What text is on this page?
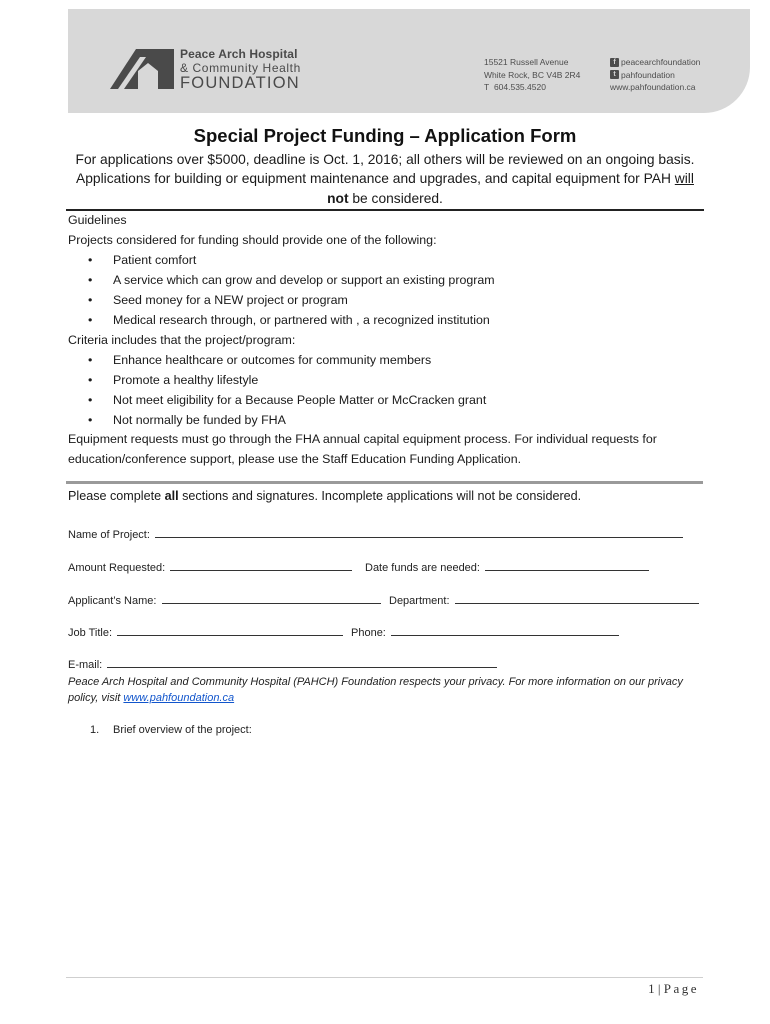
Peace Arch Hospital
& Community Health
FOUNDATION
15521 Russell Avenue
White Rock, BC V4B 2R4
T 604.535.4520
f peacearchfoundation
t pahfoundation
www.pahfoundation.ca
Special Project Funding – Application Form
For applications over $5000, deadline is Oct. 1, 2016; all others will be reviewed on an ongoing basis. Applications for building or equipment maintenance and upgrades, and capital equipment for PAH will not be considered.

Guidelines

Projects considered for funding should provide one of the following:

• Patient comfort
• A service which can grow and develop or support an existing program
• Seed money for a NEW project or program
• Medical research through, or partnered with , a recognized institution

Criteria includes that the project/program:

• Enhance healthcare or outcomes for community members
• Promote a healthy lifestyle
• Not meet eligibility for a Because People Matter or McCracken grant
• Not normally be funded by FHA

Equipment requests must go through the FHA annual capital equipment process. For individual requests for education/conference support, please use the Staff Education Funding Application.

Please complete all sections and signatures. Incomplete applications will not be considered.
Name of Project:
Amount Requested:	Date funds are needed:
Applicant’s Name:	Department:
Job Title:	Phone:
E-mail:
Peace Arch Hospital and Community Hospital (PAHCH) Foundation respects your privacy. For more information on our privacy policy, visit www.pahfoundation.ca
1. Brief overview of the project:
1 | Page
